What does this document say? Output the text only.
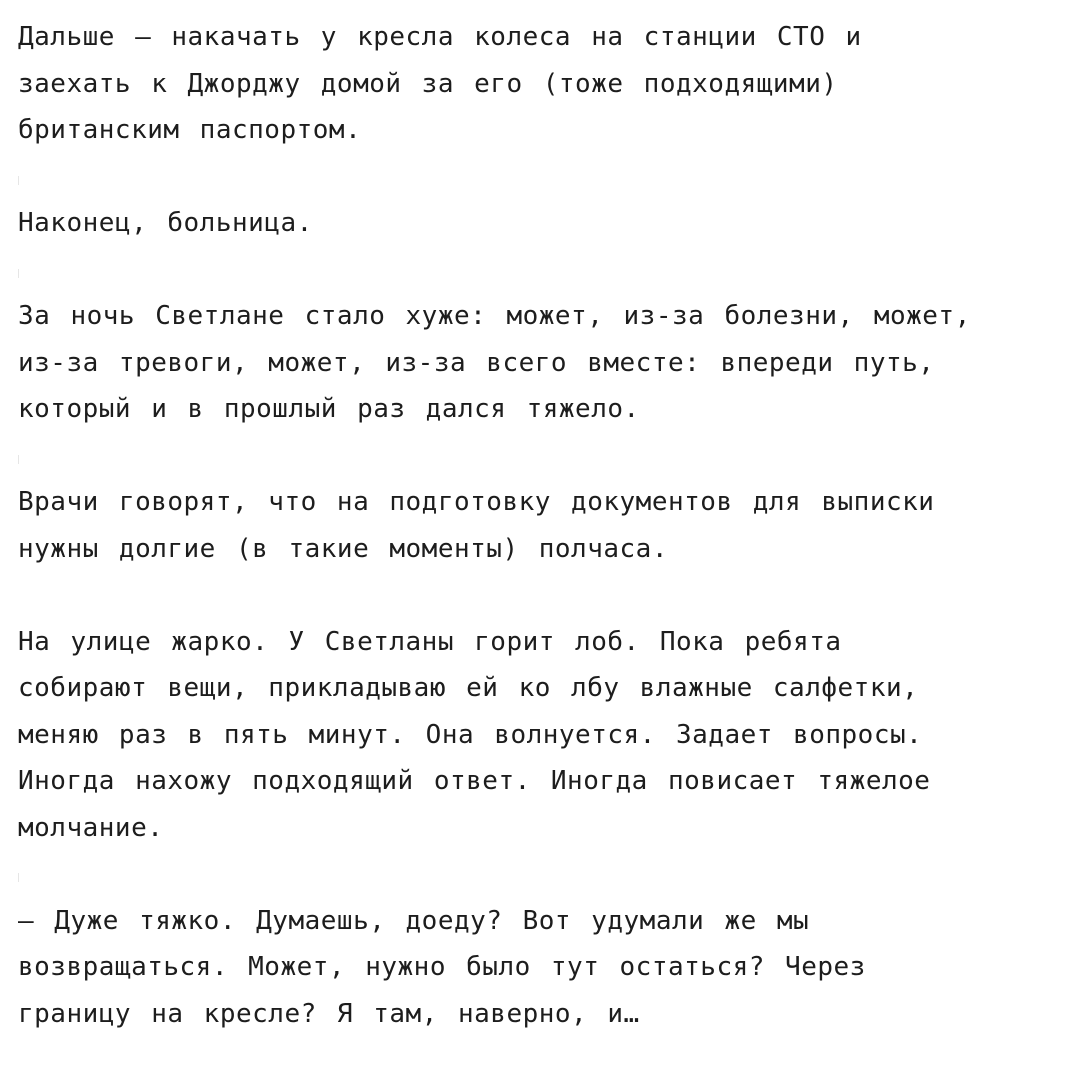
Дальше — накачать у кресла колеса на станции СТО и
заехать к Джорджу домой за его (тоже подходящими)
британским паспортом.
Наконец, больница.
За ночь Светлане стало хуже: может, из-за болезни, может,
из-за тревоги, может, из-за всего вместе: впереди путь,
который и в прошлый раз дался тяжело.
Врачи говорят, что на подготовку документов для выписки
нужны долгие (в такие моменты) полчаса.
На улице жарко. У Светланы горит лоб. Пока ребята
собирают вещи, прикладываю ей ко лбу влажные салфетки,
меняю раз в пять минут. Она волнуется. Задает вопросы.
Иногда нахожу подходящий ответ. Иногда повисает тяжелое
молчание.
— Дуже тяжко. Думаешь, доеду? Вот удумали же мы
возвращаться. Может, нужно было тут остаться? Через
границу на кресле? Я там, наверно, и…
